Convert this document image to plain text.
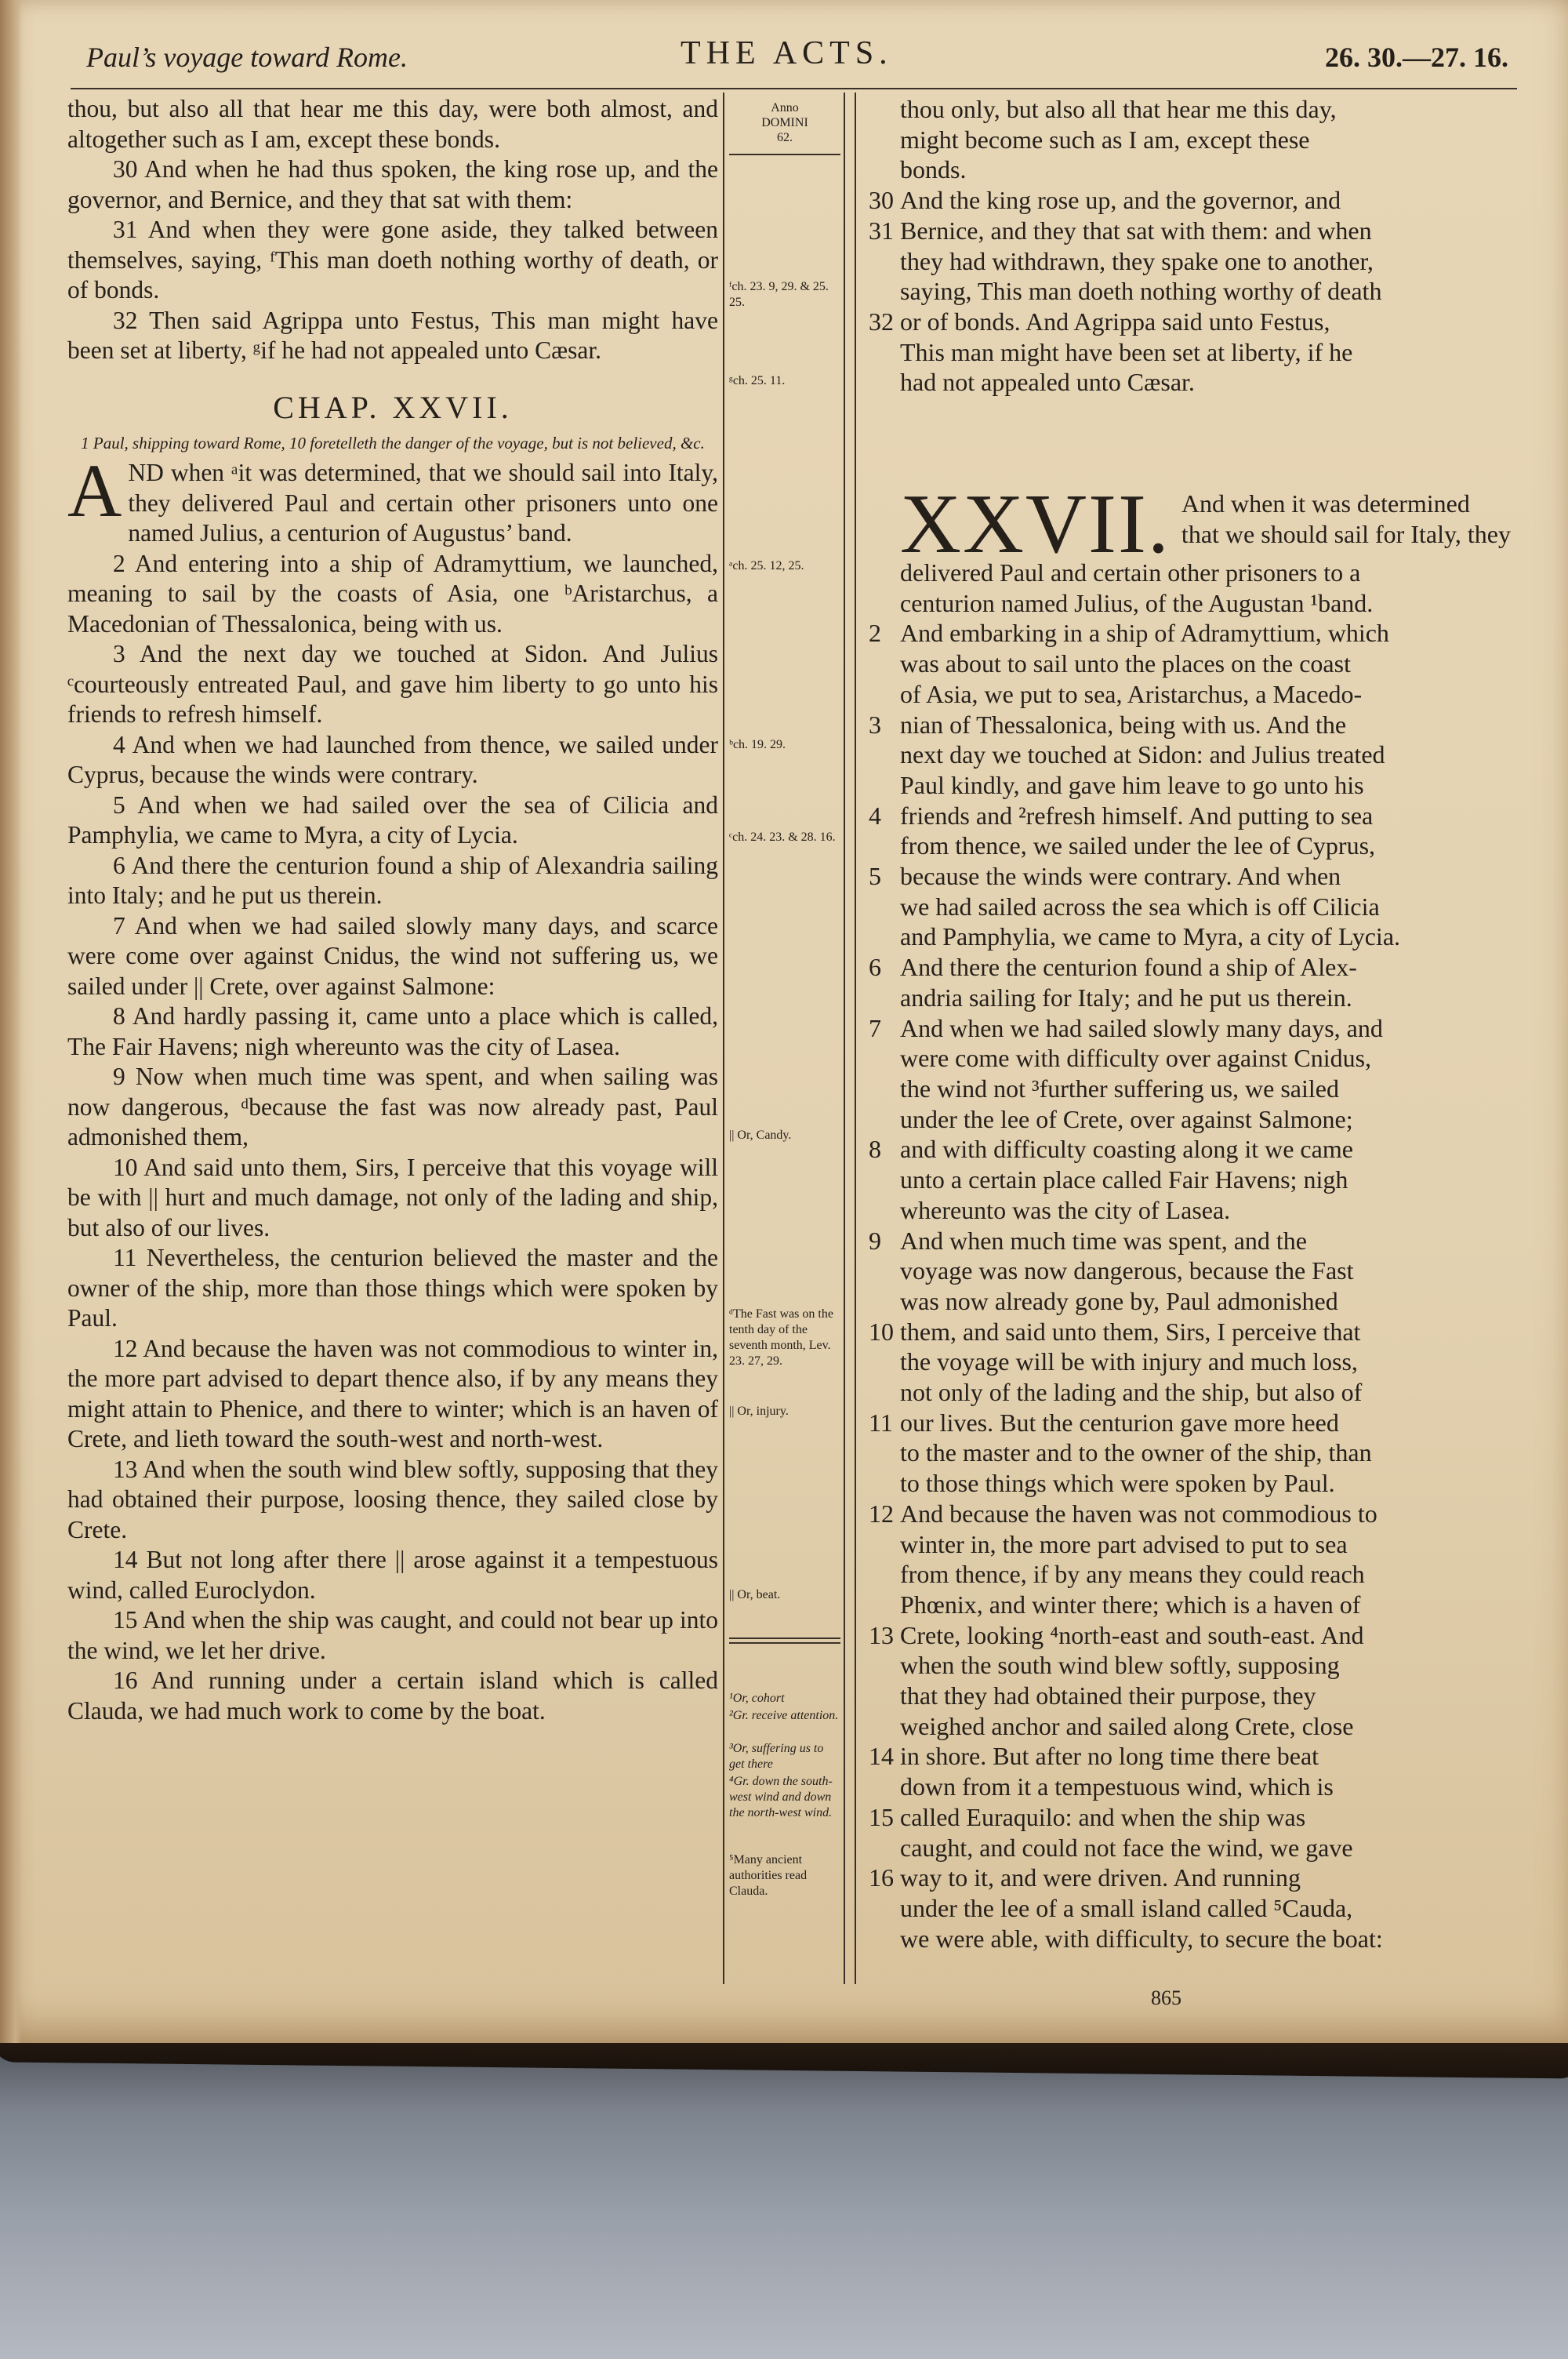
Paul’s voyage toward Rome.	THE ACTS.	26. 30.—27. 16.

thou, but also all that hear me this day, were both almost, and altogether such as I am, except these bonds.

30 And when he had thus spoken, the king rose up, and the governor, and Bernice, and they that sat with them:

31 And when they were gone aside, they talked between themselves, saying, ᶠThis man doeth nothing worthy of death, or of bonds.

32 Then said Agrippa unto Festus, This man might have been set at liberty, ᵍif he had not appealed unto Cæsar.

CHAP. XXVII.
1 Paul, shipping toward Rome, 10 foretelleth the danger of the voyage, but is not believed, &c.

AND when ᵃit was determined, that we should sail into Italy, they delivered Paul and certain other prisoners unto one named Julius, a centurion of Augustus’ band.

2 And entering into a ship of Adramyttium, we launched, meaning to sail by the coasts of Asia, one ᵇAristarchus, a Macedonian of Thessalonica, being with us.

3 And the next day we touched at Sidon. And Julius ᶜcourteously entreated Paul, and gave him liberty to go unto his friends to refresh himself.

4 And when we had launched from thence, we sailed under Cyprus, because the winds were contrary.

5 And when we had sailed over the sea of Cilicia and Pamphylia, we came to Myra, a city of Lycia.

6 And there the centurion found a ship of Alexandria sailing into Italy; and he put us therein.

7 And when we had sailed slowly many days, and scarce were come over against Cnidus, the wind not suffering us, we sailed under || Crete, over against Salmone:

8 And hardly passing it, came unto a place which is called, The Fair Havens; nigh whereunto was the city of Lasea.

9 Now when much time was spent, and when sailing was now dangerous, ᵈbecause the fast was now already past, Paul admonished them,

10 And said unto them, Sirs, I perceive that this voyage will be with || hurt and much damage, not only of the lading and ship, but also of our lives.

11 Nevertheless, the centurion believed the master and the owner of the ship, more than those things which were spoken by Paul.

12 And because the haven was not commodious to winter in, the more part advised to depart thence also, if by any means they might attain to Phenice, and there to winter; which is an haven of Crete, and lieth toward the south-west and north-west.

13 And when the south wind blew softly, supposing that they had obtained their purpose, loosing thence, they sailed close by Crete.

14 But not long after there || arose against it a tempestuous wind, called Euroclydon.

15 And when the ship was caught, and could not bear up into the wind, we let her drive.

16 And running under a certain island which is called Clauda, we had much work to come by the boat.

Anno
DOMINI
62.
ᶠch. 23. 9, 29. & 25. 25.
ᵍch. 25. 11.
ᵃch. 25. 12, 25.
ᵇch. 19. 29.
ᶜch. 24. 23. & 28. 16.
|| Or, Candy.
ᵈThe Fast was on the tenth day of the seventh month, Lev. 23. 27, 29.
|| Or, injury.
|| Or, beat.
¹Or, cohort
²Gr. receive attention.
³Or, suffering us to get there
⁴Gr. down the south-west wind and down the north-west wind.
⁵Many ancient authorities read Clauda.
thou only, but also all that hear me this day,
might become such as I am, except these
bonds.
30 And the king rose up, and the governor, and
31 Bernice, and they that sat with them: and when
they had withdrawn, they spake one to another,
saying, This man doeth nothing worthy of death
32 or of bonds. And Agrippa said unto Festus,
This man might have been set at liberty, if he
had not appealed unto Cæsar.
XXVII. And when it was determined
that we should sail for Italy, they
delivered Paul and certain other prisoners to a
centurion named Julius, of the Augustan ¹band.
2 And embarking in a ship of Adramyttium, which
was about to sail unto the places on the coast
of Asia, we put to sea, Aristarchus, a Macedo-
3 nian of Thessalonica, being with us. And the
next day we touched at Sidon: and Julius treated
Paul kindly, and gave him leave to go unto his
4 friends and ²refresh himself. And putting to sea
from thence, we sailed under the lee of Cyprus,
5 because the winds were contrary. And when
we had sailed across the sea which is off Cilicia
and Pamphylia, we came to Myra, a city of Lycia.
6 And there the centurion found a ship of Alex-
andria sailing for Italy; and he put us therein.
7 And when we had sailed slowly many days, and
were come with difficulty over against Cnidus,
the wind not ³further suffering us, we sailed
under the lee of Crete, over against Salmone;
8 and with difficulty coasting along it we came
unto a certain place called Fair Havens; nigh
whereunto was the city of Lasea.
9 And when much time was spent, and the
voyage was now dangerous, because the Fast
was now already gone by, Paul admonished
10 them, and said unto them, Sirs, I perceive that
the voyage will be with injury and much loss,
not only of the lading and the ship, but also of
11 our lives. But the centurion gave more heed
to the master and to the owner of the ship, than
to those things which were spoken by Paul.
12 And because the haven was not commodious to
winter in, the more part advised to put to sea
from thence, if by any means they could reach
Phœnix, and winter there; which is a haven of
13 Crete, looking ⁴north-east and south-east. And
when the south wind blew softly, supposing
that they had obtained their purpose, they
weighed anchor and sailed along Crete, close
14 in shore. But after no long time there beat
down from it a tempestuous wind, which is
15 called Euraquilo: and when the ship was
caught, and could not face the wind, we gave
16 way to it, and were driven. And running
under the lee of a small island called ⁵Cauda,
we were able, with difficulty, to secure the boat:
865
